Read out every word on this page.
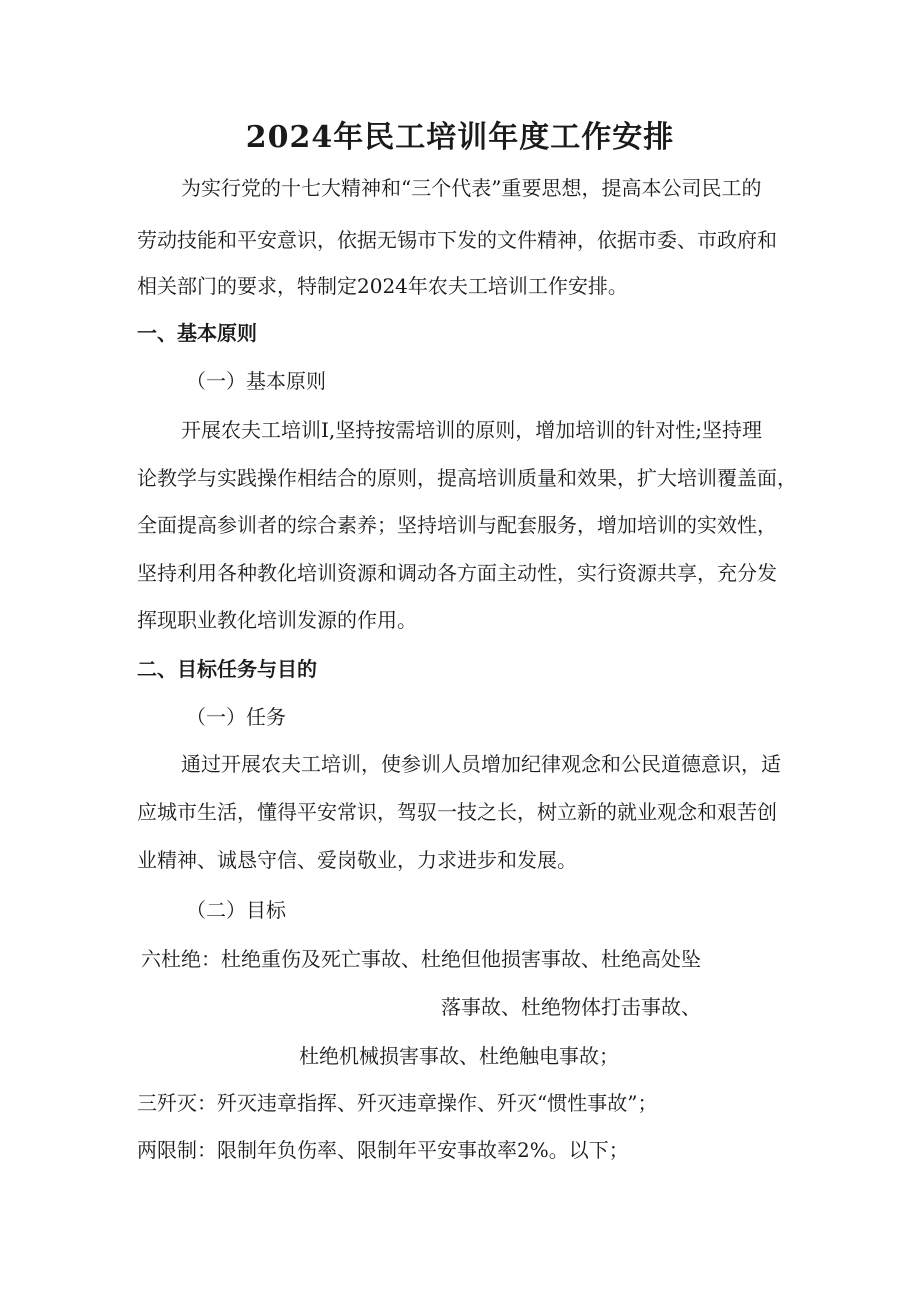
2024年民工培训年度工作安排
为实行党的十七大精神和“三个代表”重要思想，提高本公司民工的
劳动技能和平安意识，依据无锡市下发的文件精神，依据市委、市政府和
相关部门的要求，特制定2024年农夫工培训工作安排。
一、基本原则
（一）基本原则
开展农夫工培训I,坚持按需培训的原则，增加培训的针对性;坚持理
论教学与实践操作相结合的原则，提高培训质量和效果，扩大培训覆盖面，
全面提高参训者的综合素养；坚持培训与配套服务，增加培训的实效性，
坚持利用各种教化培训资源和调动各方面主动性，实行资源共享，充分发
挥现职业教化培训发源的作用。
二、目标任务与目的
（一）任务
通过开展农夫工培训，使参训人员增加纪律观念和公民道德意识，适
应城市生活，懂得平安常识，驾驭一技之长，树立新的就业观念和艰苦创
业精神、诚恳守信、爱岗敬业，力求进步和发展。
（二）目标
六杜绝：杜绝重伤及死亡事故、杜绝但他损害事故、杜绝高处坠
落事故、杜绝物体打击事故、
杜绝机械损害事故、杜绝触电事故；
三歼灭：歼灭违章指挥、歼灭违章操作、歼灭“惯性事故”；
两限制：限制年负伤率、限制年平安事故率2%。以下；
